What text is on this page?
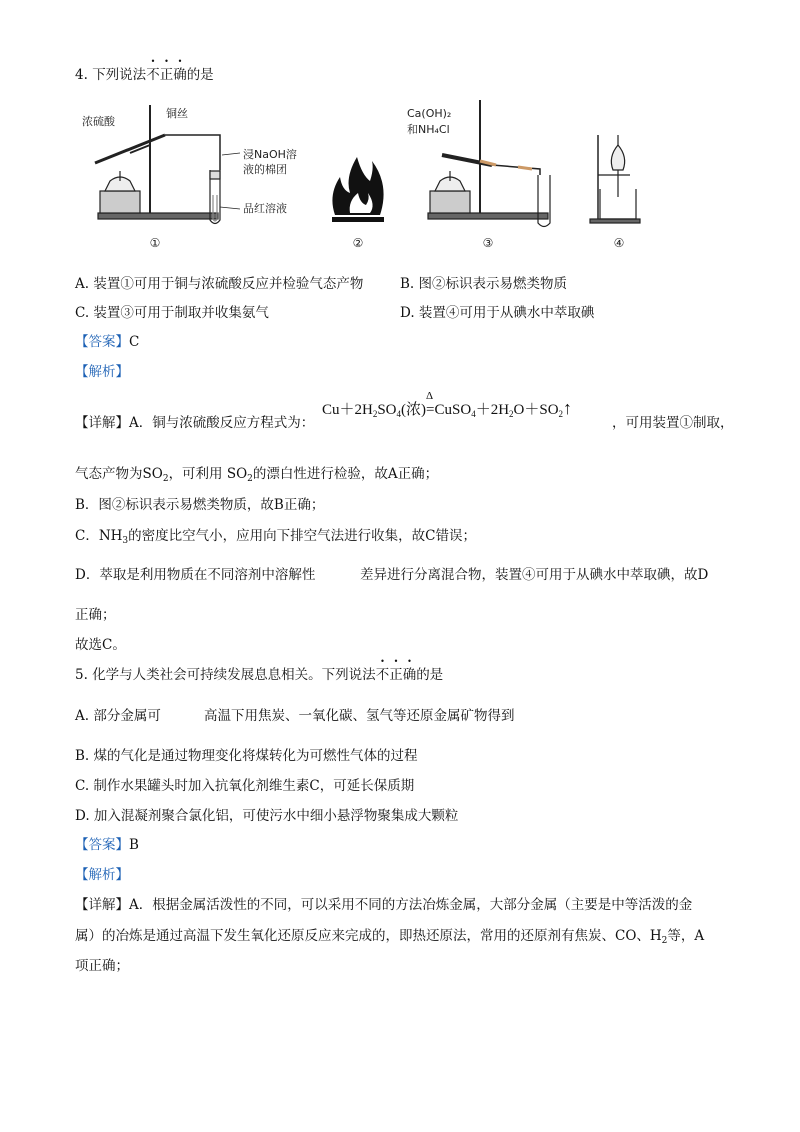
4. 下列说法不正确的是
浓硫酸
铜丝
浸NaOH溶
液的棉团
品红溶液
Ca(OH)₂
和NH₄Cl
①	②	③	④
A. 装置①可用于铜与浓硫酸反应并检验气态产物	B. 图②标识表示易燃类物质
C. 装置③可用于制取并收集氨气	D. 装置④可用于从碘水中萃取碘
【答案】C
【解析】
【详解】A．铜与浓硫酸反应方程式为：
$Cu+2H_2SO_4$(浓)
Δ
$=CuSO_4+2H_2O+SO_2↑$
，可用装置①制取，
气态产物为$SO_2$，可利用 $SO_2$的漂白性进行检验，故A正确；
B．图②标识表示易燃类物质，故B正确；
C．$NH_3$的密度比空气小，应用向下排空气法进行收集，故C错误；
D．萃取是利用物质在不同溶剂中溶解性	差异进行分离混合物，装置④可用于从碘水中萃取碘，故D
正确；
故选C。
5. 化学与人类社会可持续发展息息相关。下列说法不正确的是
A. 部分金属可	高温下用焦炭、一氧化碳、氢气等还原金属矿物得到
B. 煤的气化是通过物理变化将煤转化为可燃性气体的过程
C. 制作水果罐头时加入抗氧化剂维生素C，可延长保质期
D. 加入混凝剂聚合氯化铝，可使污水中细小悬浮物聚集成大颗粒
【答案】B
【解析】
【详解】A．根据金属活泼性的不同，可以采用不同的方法冶炼金属，大部分金属（主要是中等活泼的金
属）的冶炼是通过高温下发生氧化还原反应来完成的，即热还原法，常用的还原剂有焦炭、CO、$H_2$等，A
项正确；
